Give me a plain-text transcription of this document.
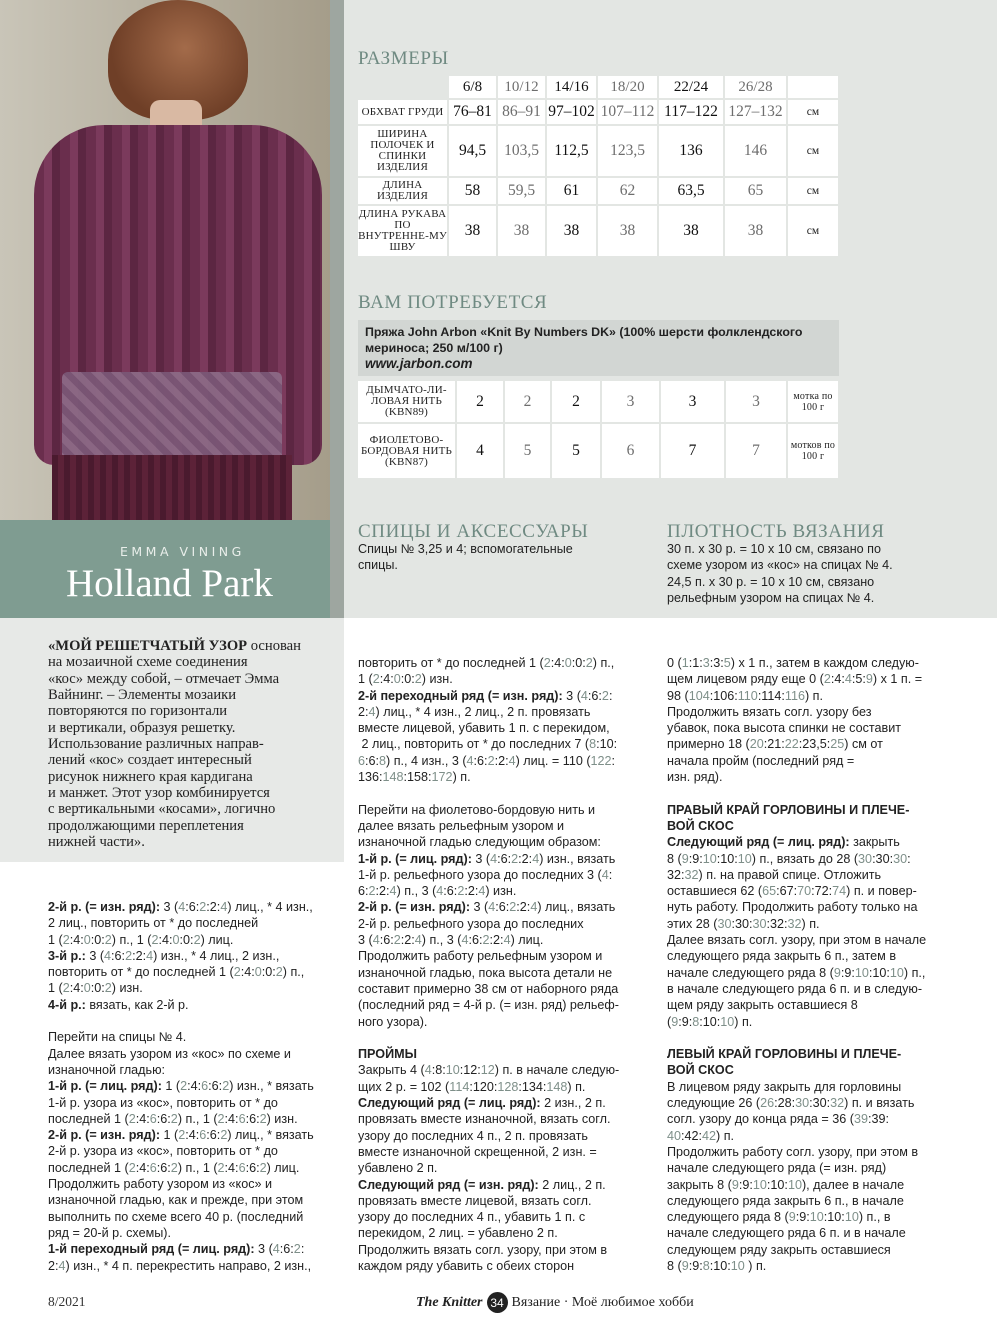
EMMA VINING
Holland Park
РАЗМЕРЫ
6/8	10/12	14/16	18/20	22/24	26/28
ОБХВАТ ГРУДИ 76–81 86–91 97–102 107–112 117–122 127–132	см
ШИРИНА ПОЛОЧЕК И СПИНКИ ИЗДЕЛИЯ
94,5	103,5 112,5	123,5	136	146	см
ДЛИНА ИЗДЕЛИЯ	58	59,5	61	62	63,5	65	см
ДЛИНА РУКАВА ПО ВНУТРЕННЕ-МУ ШВУ
38	38	38	38	38	38	см
ВАМ ПОТРЕБУЕТСЯ
Пряжа John Arbon «Knit By Numbers DK» (100% шерсти фолклендского
мериноса; 250 м/100 г)
www.jarbon.com
ДЫМЧАТО-ЛИ-ЛОВАЯ НИТЬ (KBN89)
2	2	2	3	3	3	мотка по 100 г
ФИОЛЕТОВО-БОРДОВАЯ НИТЬ (KBN87)
4	5	5	6	7	7	мотков по 100 г
СПИЦЫ И АКСЕССУАРЫ

Спицы № 3,25 и 4; вспомогательные

спицы.

ПЛОТНОСТЬ ВЯЗАНИЯ

30 п. х 30 р. = 10 х 10 см, связано по

схеме узором из «кос» на спицах № 4.

24,5 п. х 30 р. = 10 х 10 см, связано

рельефным узором на спицах № 4.

«МОЙ РЕШЕТЧАТЫЙ УЗОР основан
на мозаичной схеме соединения
«кос» между собой, – отмечает Эмма
Вайнинг. – Элементы мозаики
повторяются по горизонтали
и вертикали, образуя решетку.
Использование различных направ-
лений «кос» создает интересный
рисунок нижнего края кардигана
и манжет. Этот узор комбинируется
с вертикальными «косами», логично
продолжающими переплетения
нижней части».

2-й р. (= изн. ряд): 3 (4:6:2:2:4) лиц., * 4 изн.,

2 лиц., повторить от * до последней

1 (2:4:0:0:2) п., 1 (2:4:0:0:2) лиц.

3-й р.: 3 (4:6:2:2:4) изн., * 4 лиц., 2 изн.,

повторить от * до последней 1 (2:4:0:0:2) п.,

1 (2:4:0:0:2) изн.

4-й р.: вязать, как 2-й р.

Перейти на спицы № 4.

Далее вязать узором из «кос» по схеме и

изнаночной гладью:

1-й р. (= лиц. ряд): 1 (2:4:6:6:2) изн., * вязать

1-й р. узора из «кос», повторить от * до

последней 1 (2:4:6:6:2) п., 1 (2:4:6:6:2) изн.

2-й р. (= изн. ряд): 1 (2:4:6:6:2) лиц., * вязать

2-й р. узора из «кос», повторить от * до

последней 1 (2:4:6:6:2) п., 1 (2:4:6:6:2) лиц.

Продолжить работу узором из «кос» и

изнаночной гладью, как и прежде, при этом

выполнить по схеме всего 40 р. (последний

ряд = 20-й р. схемы).

1-й переходный ряд (= лиц. ряд): 3 (4:6:2:

2:4) изн., * 4 п. перекрестить направо, 2 изн.,

повторить от * до последней 1 (2:4:0:0:2) п.,

1 (2:4:0:0:2) изн.

2-й переходный ряд (= изн. ряд): 3 (4:6:2:

2:4) лиц., * 4 изн., 2 лиц., 2 п. провязать

вместе лицевой, убавить 1 п. с перекидом,

2 лиц., повторить от * до последних 7 (8:10:

6:6:8) п., 4 изн., 3 (4:6:2:2:4) лиц. = 110 (122:

136:148:158:172) п.

Перейти на фиолетово-бордовую нить и

далее вязать рельефным узором и

изнаночной гладью следующим образом:

1-й р. (= лиц. ряд): 3 (4:6:2:2:4) изн., вязать

1-й р. рельефного узора до последних 3 (4:

6:2:2:4) п., 3 (4:6:2:2:4) изн.

2-й р. (= изн. ряд): 3 (4:6:2:2:4) лиц., вязать

2-й р. рельефного узора до последних

3 (4:6:2:2:4) п., 3 (4:6:2:2:4) лиц.

Продолжить работу рельефным узором и

изнаночной гладью, пока высота детали не

составит примерно 38 см от наборного ряда

(последний ряд = 4-й р. (= изн. ряд) рельеф-

ного узора).

ПРОЙМЫ

Закрыть 4 (4:8:10:12:12) п. в начале следую-

щих 2 р. = 102 (114:120:128:134:148) п.

Следующий ряд (= лиц. ряд): 2 изн., 2 п.

провязать вместе изнаночной, вязать согл.

узору до последних 4 п., 2 п. провязать

вместе изнаночной скрещенной, 2 изн. =

убавлено 2 п.

Следующий ряд (= изн. ряд): 2 лиц., 2 п.

провязать вместе лицевой, вязать согл.

узору до последних 4 п., убавить 1 п. с

перекидом, 2 лиц. = убавлено 2 п.

Продолжить вязать согл. узору, при этом в

каждом ряду убавить с обеих сторон

0 (1:1:3:3:5) х 1 п., затем в каждом следую-

щем лицевом ряду еще 0 (2:4:4:5:9) х 1 п. =

98 (104:106:110:114:116) п.

Продолжить вязать согл. узору без

убавок, пока высота спинки не составит

примерно 18 (20:21:22:23,5:25) см от

начала пройм (последний ряд =

изн. ряд).

ПРАВЫЙ КРАЙ ГОРЛОВИНЫ И ПЛЕЧЕ-

ВОЙ СКОС

Следующий ряд (= лиц. ряд): закрыть

8 (9:9:10:10:10) п., вязать до 28 (30:30:30:

32:32) п. на правой спице. Отложить

оставшиеся 62 (65:67:70:72:74) п. и повер-

нуть работу. Продолжить работу только на

этих 28 (30:30:30:32:32) п.

Далее вязать согл. узору, при этом в начале

следующего ряда закрыть 6 п., затем в

начале следующего ряда 8 (9:9:10:10:10) п.,

в начале следующего ряда 6 п. и в следую-

щем ряду закрыть оставшиеся 8

(9:9:8:10:10) п.

ЛЕВЫЙ КРАЙ ГОРЛОВИНЫ И ПЛЕЧЕ-

ВОЙ СКОС

В лицевом ряду закрыть для горловины

следующие 26 (26:28:30:30:32) п. и вязать

согл. узору до конца ряда = 36 (39:39:

40:42:42) п.

Продолжить работу согл. узору, при этом в

начале следующего ряда (= изн. ряд)

закрыть 8 (9:9:10:10:10), далее в начале

следующего ряда закрыть 6 п., в начале

следующего ряда 8 (9:9:10:10:10) п., в

начале следующего ряда 6 п. и в начале

следующем ряду закрыть оставшиеся

8 (9:9:8:10:10 ) п.

8/2021	The Knitter 34 Вязание · Моё любимое хобби
